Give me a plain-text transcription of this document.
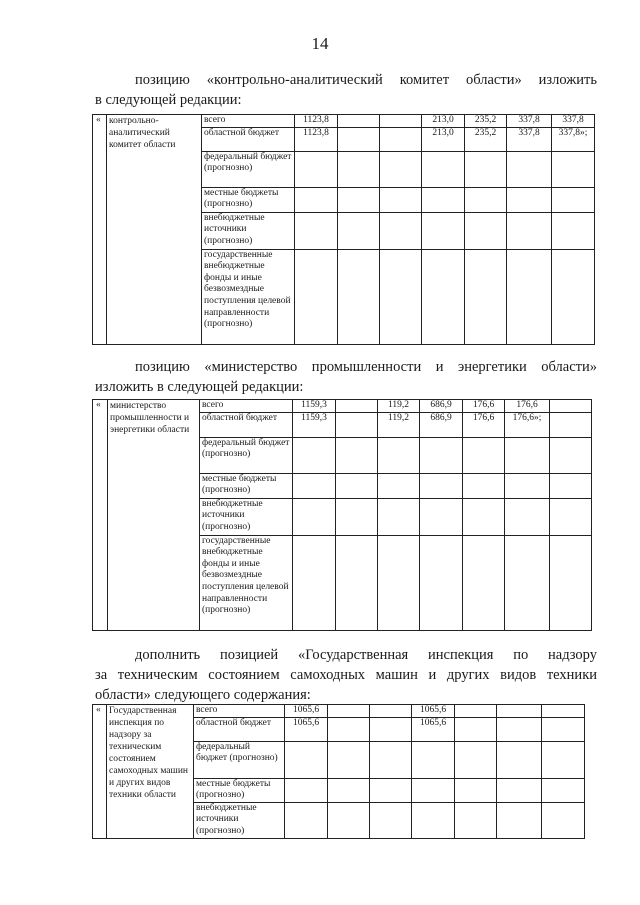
14
позицию «контрольно-аналитический комитет области» изложить
в следующей редакции:
«	контрольно-аналитический комитет области	всего	1123,8			213,0	235,2	337,8	337,8
		областной бюджет	1123,8			213,0	235,2	337,8	337,8»;
		федеральный бюджет (прогнозно)							
		местные бюджеты (прогнозно)							
		внебюджетные источники (прогнозно)							
		государственные внебюджетные фонды и иные безвозмездные поступления целевой направленности (прогнозно)							
позицию «министерство промышленности и энергетики области»
изложить в следующей редакции:
«	министерство промышленности и энергетики области	всего	1159,3		119,2	686,9	176,6	176,6	
		областной бюджет	1159,3		119,2	686,9	176,6	176,6»;	
		федеральный бюджет (прогнозно)							
		местные бюджеты (прогнозно)							
		внебюджетные источники (прогнозно)							
		государственные внебюджетные фонды и иные безвозмездные поступления целевой направленности (прогнозно)							
дополнить позицией «Государственная инспекция по надзору
за техническим состоянием самоходных машин и других видов техники
области» следующего содержания:
«	Государственная инспекция по надзору за техническим состоянием самоходных машин и других видов техники области	всего	1065,6			1065,6			
		областной бюджет	1065,6			1065,6			
		федеральный бюджет (прогнозно)							
		местные бюджеты (прогнозно)							
		внебюджетные источники (прогнозно)							
